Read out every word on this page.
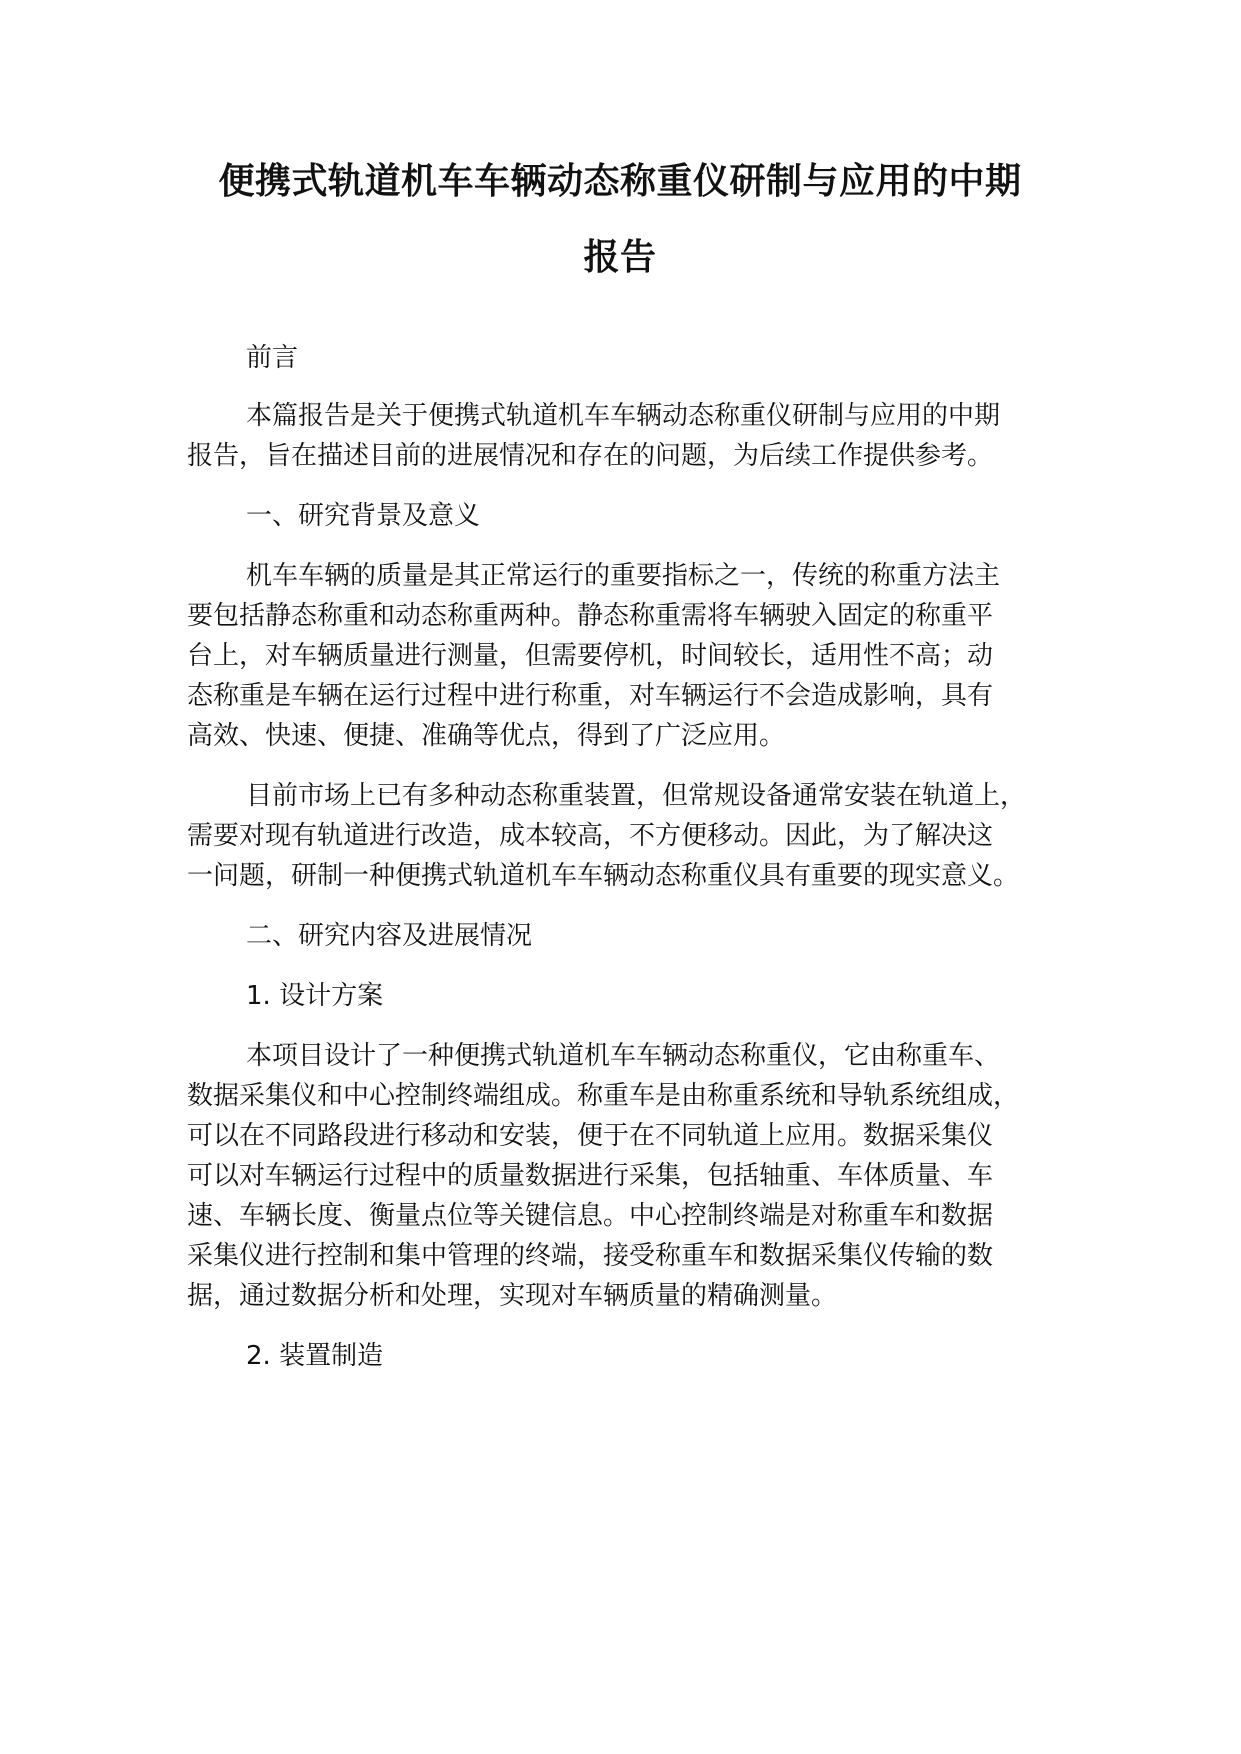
便携式轨道机车车辆动态称重仪研制与应用的中期
报告
前言
本篇报告是关于便携式轨道机车车辆动态称重仪研制与应用的中期
报告，旨在描述目前的进展情况和存在的问题，为后续工作提供参考。
一、研究背景及意义
机车车辆的质量是其正常运行的重要指标之一，传统的称重方法主
要包括静态称重和动态称重两种。静态称重需将车辆驶入固定的称重平
台上，对车辆质量进行测量，但需要停机，时间较长，适用性不高；动
态称重是车辆在运行过程中进行称重，对车辆运行不会造成影响，具有
高效、快速、便捷、准确等优点，得到了广泛应用。
目前市场上已有多种动态称重装置，但常规设备通常安装在轨道上，
需要对现有轨道进行改造，成本较高，不方便移动。因此，为了解决这
一问题，研制一种便携式轨道机车车辆动态称重仪具有重要的现实意义。
二、研究内容及进展情况
1. 设计方案
本项目设计了一种便携式轨道机车车辆动态称重仪，它由称重车、
数据采集仪和中心控制终端组成。称重车是由称重系统和导轨系统组成，
可以在不同路段进行移动和安装，便于在不同轨道上应用。数据采集仪
可以对车辆运行过程中的质量数据进行采集，包括轴重、车体质量、车
速、车辆长度、衡量点位等关键信息。中心控制终端是对称重车和数据
采集仪进行控制和集中管理的终端，接受称重车和数据采集仪传输的数
据，通过数据分析和处理，实现对车辆质量的精确测量。
2. 装置制造
